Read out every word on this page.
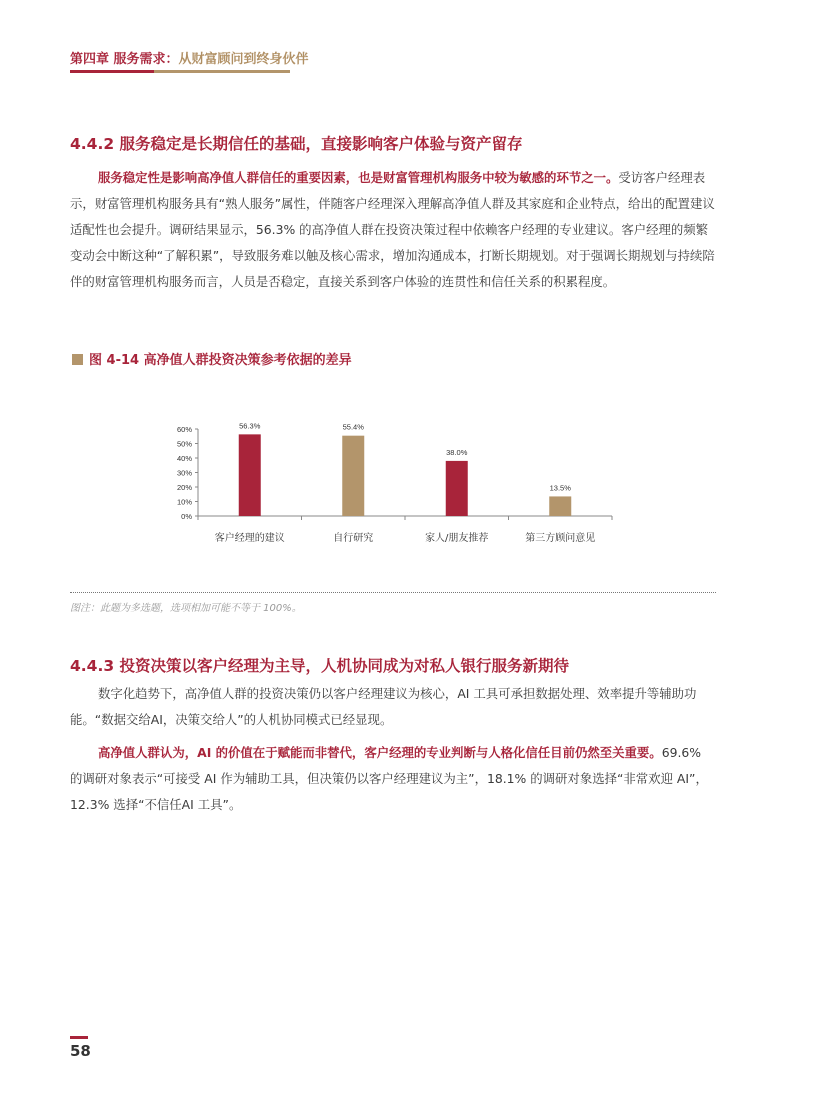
第四章 服务需求：从财富顾问到终身伙伴
4.4.2 服务稳定是长期信任的基础，直接影响客户体验与资产留存

服务稳定性是影响高净值人群信任的重要因素，也是财富管理机构服务中较为敏感的环节之一。受访客户经理表示，财富管理机构服务具有“熟人服务”属性，伴随客户经理深入理解高净值人群及其家庭和企业特点，给出的配置建议适配性也会提升。调研结果显示，56.3% 的高净值人群在投资决策过程中依赖客户经理的专业建议。客户经理的频繁变动会中断这种“了解积累”，导致服务难以触及核心需求，增加沟通成本，打断长期规划。对于强调长期规划与持续陪伴的财富管理机构服务而言，人员是否稳定，直接关系到客户体验的连贯性和信任关系的积累程度。

图 4-14 高净值人群投资决策参考依据的差异
0%
10%
20%
30%
40%
50%
60%	56.3%
客户经理的建议
55.4%
自行研究
38.0%
家人/朋友推荐
13.5%
第三方顾问意见
图注：此题为多选题，选项相加可能不等于 100%。
4.4.3 投资决策以客户经理为主导，人机协同成为对私人银行服务新期待

数字化趋势下，高净值人群的投资决策仍以客户经理建议为核心，AI 工具可承担数据处理、效率提升等辅助功能。“数据交给AI，决策交给人”的人机协同模式已经显现。

高净值人群认为，AI 的价值在于赋能而非替代，客户经理的专业判断与人格化信任目前仍然至关重要。69.6% 的调研对象表示“可接受 AI 作为辅助工具，但决策仍以客户经理建议为主”，18.1% 的调研对象选择“非常欢迎 AI”，12.3% 选择“不信任AI 工具”。

58
